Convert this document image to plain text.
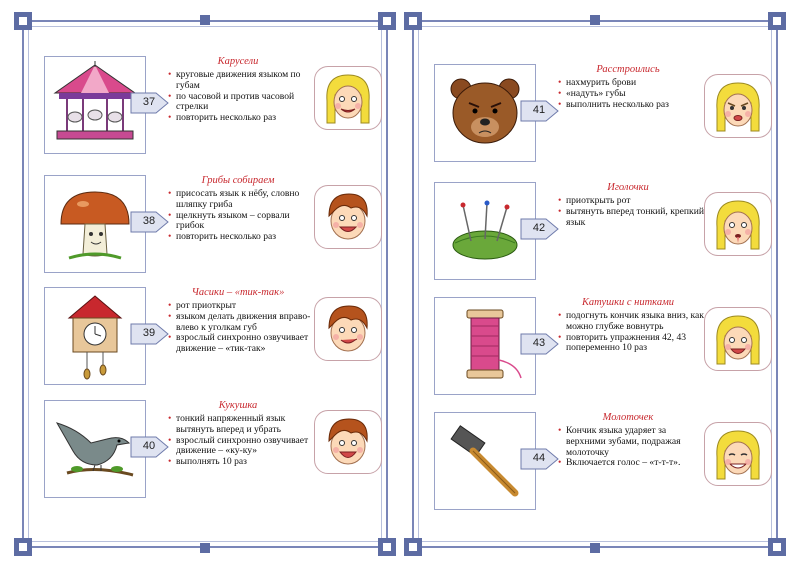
37
Карусели
• круговые движения языком по губам
• по часовой и против часовой стрелки
• повторить несколько раз
38
Грибы собираем
• присосать язык к нёбу, словно шляпку гриба
• щелкнуть языком – сорвали грибок
• повторить несколько раз
39
Часики – «тик-так»
• рот приоткрыт
• языком делать движения вправо-влево к уголкам губ
• взрослый синхронно озвучивает движение – «тик-так»
40
Кукушка
• тонкий напряженный язык вытянуть вперед и убрать
• взрослый синхронно озвучивает движение – «ку-ку»
• выполнять 10 раз
41
Расстроились
• нахмурить брови
• «надуть» губы
• выполнить несколько раз
42
Иголочки
• приоткрыть рот
• вытянуть вперед тонкий, крепкий язык
43
Катушки с нитками
• подогнуть кончик языка вниз, как можно глубже вовнутрь
• повторить упражнения 42, 43 попеременно 10 раз
44
Молоточек
• Кончик языка ударяет за верхними зубами, подражая молоточку
• Включается голос – «т-т-т».
